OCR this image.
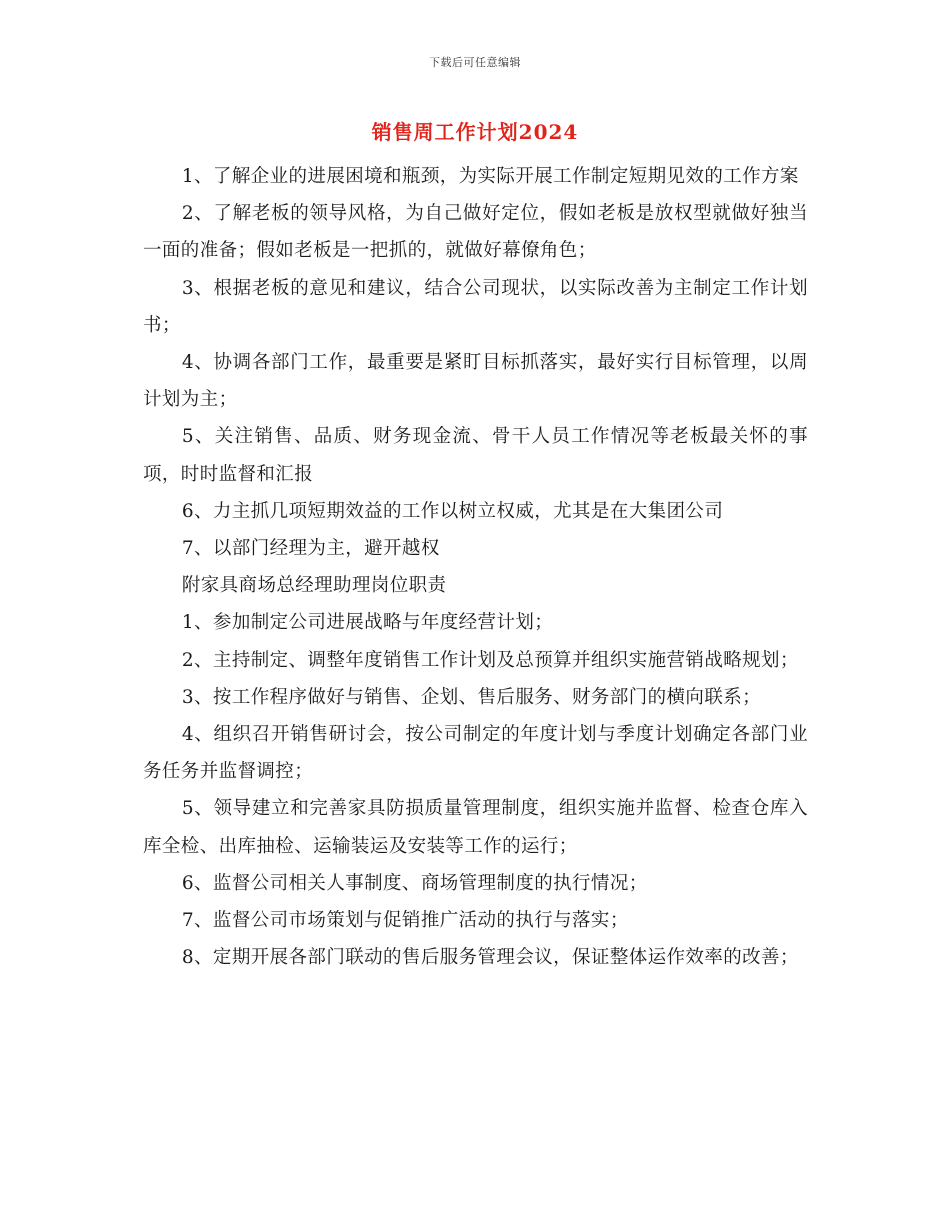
下载后可任意编辑
销售周工作计划2024

1、了解企业的进展困境和瓶颈，为实际开展工作制定短期见效的工作方案

2、了解老板的领导风格，为自己做好定位，假如老板是放权型就做好独当一面的准备；假如老板是一把抓的，就做好幕僚角色；

3、根据老板的意见和建议，结合公司现状，以实际改善为主制定工作计划书；

4、协调各部门工作，最重要是紧盯目标抓落实，最好实行目标管理，以周计划为主；

5、关注销售、品质、财务现金流、骨干人员工作情况等老板最关怀的事项，时时监督和汇报

6、力主抓几项短期效益的工作以树立权威，尤其是在大集团公司

7、以部门经理为主，避开越权

附家具商场总经理助理岗位职责

1、参加制定公司进展战略与年度经营计划；

2、主持制定、调整年度销售工作计划及总预算并组织实施营销战略规划；

3、按工作程序做好与销售、企划、售后服务、财务部门的横向联系；

4、组织召开销售研讨会，按公司制定的年度计划与季度计划确定各部门业务任务并监督调控；

5、领导建立和完善家具防损质量管理制度，组织实施并监督、检查仓库入库全检、出库抽检、运输装运及安装等工作的运行；

6、监督公司相关人事制度、商场管理制度的执行情况；

7、监督公司市场策划与促销推广活动的执行与落实；

8、定期开展各部门联动的售后服务管理会议，保证整体运作效率的改善；
